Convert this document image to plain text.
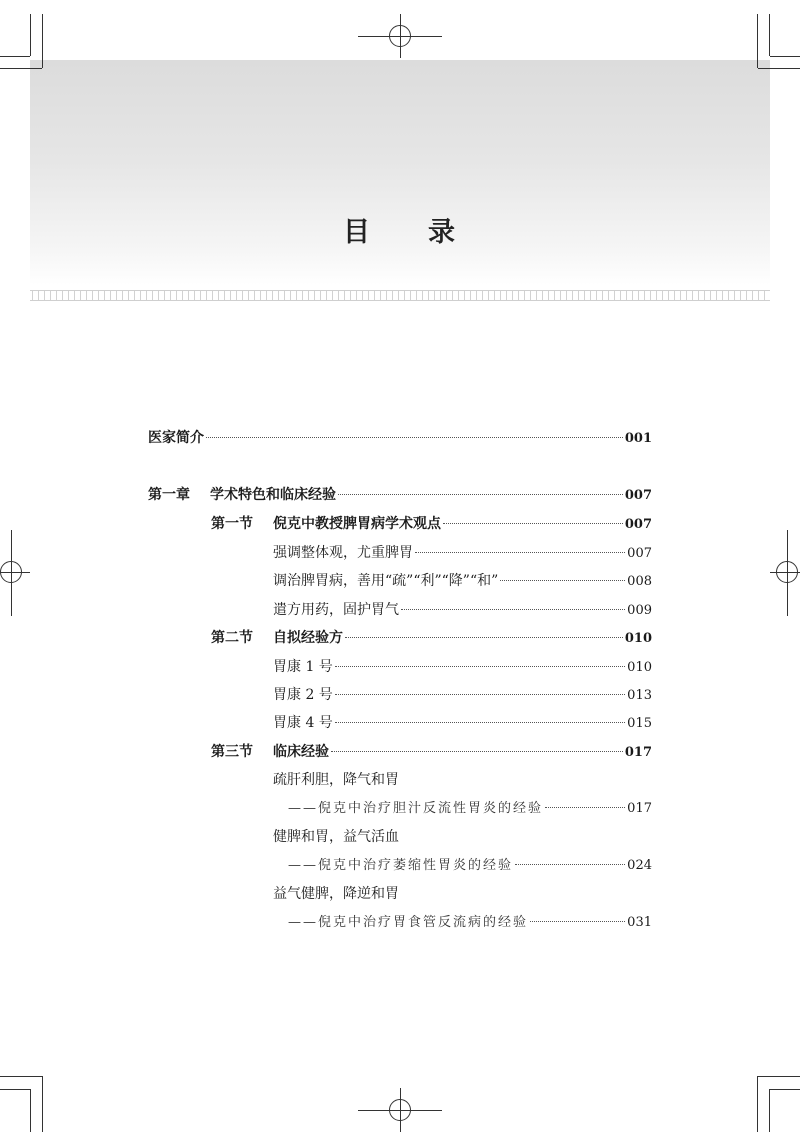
目 录
医家简介	001
第一章	学术特色和临床经验	007
第一节	倪克中教授脾胃病学术观点	007
强调整体观，尤重脾胃	007
调治脾胃病，善用“疏”“利”“降”“和”	008
遣方用药，固护胃气	009
第二节	自拟经验方	010
胃康 1 号	010
胃康 2 号	013
胃康 4 号	015
第三节	临床经验	017
疏肝利胆，降气和胃
——倪克中治疗胆汁反流性胃炎的经验	017
健脾和胃，益气活血
——倪克中治疗萎缩性胃炎的经验	024
益气健脾，降逆和胃
——倪克中治疗胃食管反流病的经验	031
